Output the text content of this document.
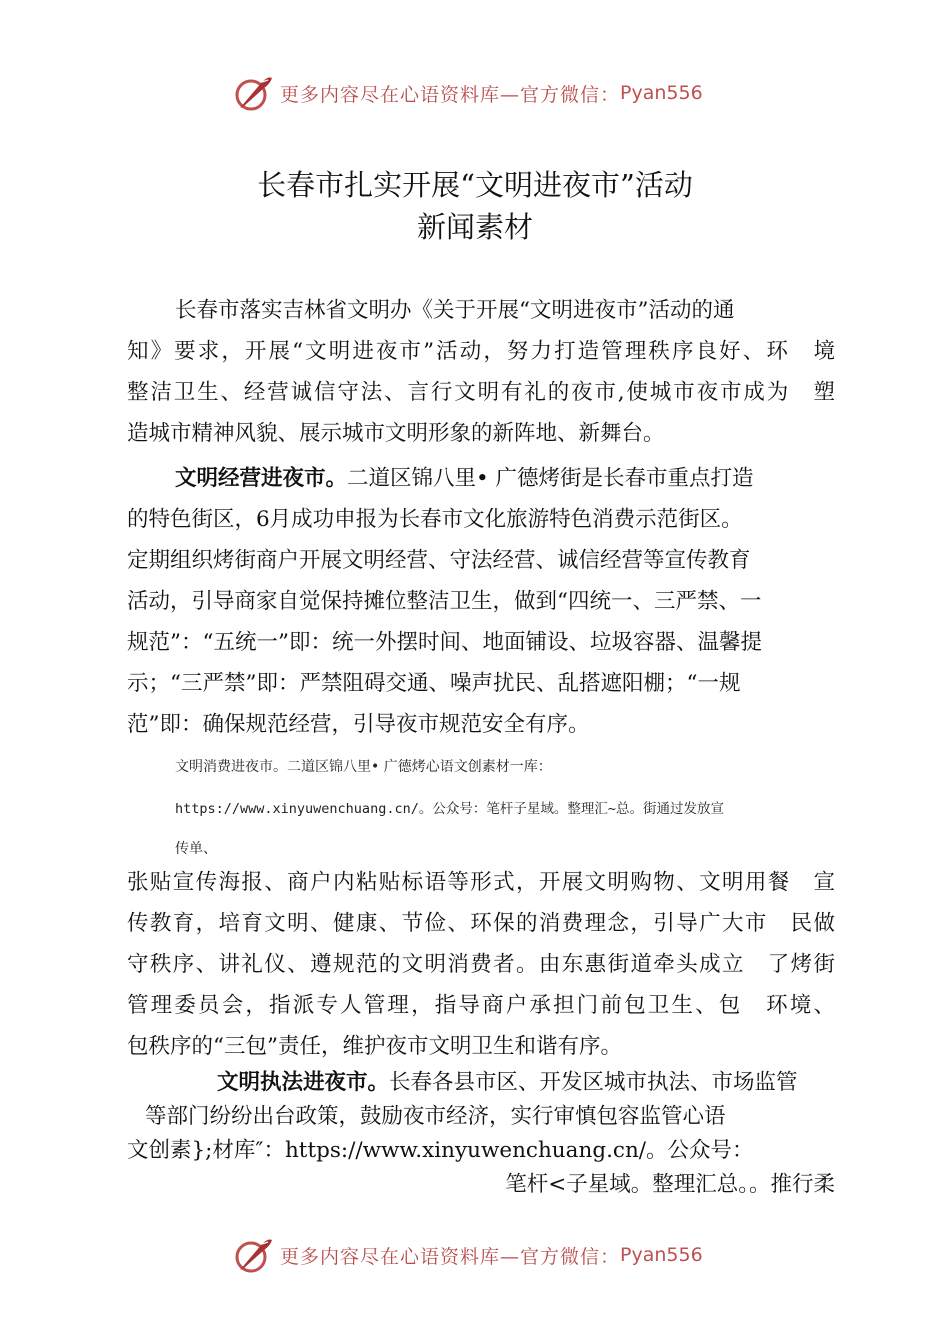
更多内容尽在心语资料库—官方微信： Pyan556
长春市扎实开展“文明进夜市”活动
新闻素材
长春市落实吉林省文明办《关于开展“文明进夜市”活动的通
知》要求，开展“文明进夜市”活动，努力打造管理秩序良好、环　境
整洁卫生、经营诚信守法、言行文明有礼的夜市,使城市夜市成为　塑
造城市精神风貌、展示城市文明形象的新阵地、新舞台。
文明经营进夜市。二道区锦八里• 广德烤街是长春市重点打造
的特色街区，6月成功申报为长春市文化旅游特色消费示范街区。
定期组织烤街商户开展文明经营、守法经营、诚信经营等宣传教育
活动，引导商家自觉保持摊位整洁卫生，做到“四统一、三严禁、一
规范”：“五统一”即：统一外摆时间、地面铺设、垃圾容器、温馨提
示；“三严禁”即：严禁阻碍交通、噪声扰民、乱搭遮阳棚；“一规
范”即：确保规范经营，引导夜市规范安全有序。
文明消费进夜市。二道区锦八里• 广德烤心语文创素材一库：
https://www.xinyuwenchuang.cn/。公众号：笔杆子星域。整理汇~总。街通过发放宣
传单、
张贴宣传海报、商户内粘贴标语等形式，开展文明购物、文明用餐　宣
传教育，培育文明、健康、节俭、环保的消费理念，引导广大市　民做
守秩序、讲礼仪、遵规范的文明消费者。由东惠街道牵头成立　了烤街
管理委员会，指派专人管理，指导商户承担门前包卫生、包　环境、
包秩序的“三包”责任，维护夜市文明卫生和谐有序。
文明执法进夜市。长春各县市区、开发区城市执法、市场监管
等部门纷纷出台政策，鼓励夜市经济，实行审慎包容监管心语
文创素};材库″：https://www.xinyuwenchuang.cn/。公众号：
笔杆<子星域。整理汇总。。推行柔
更多内容尽在心语资料库—官方微信： Pyan556
